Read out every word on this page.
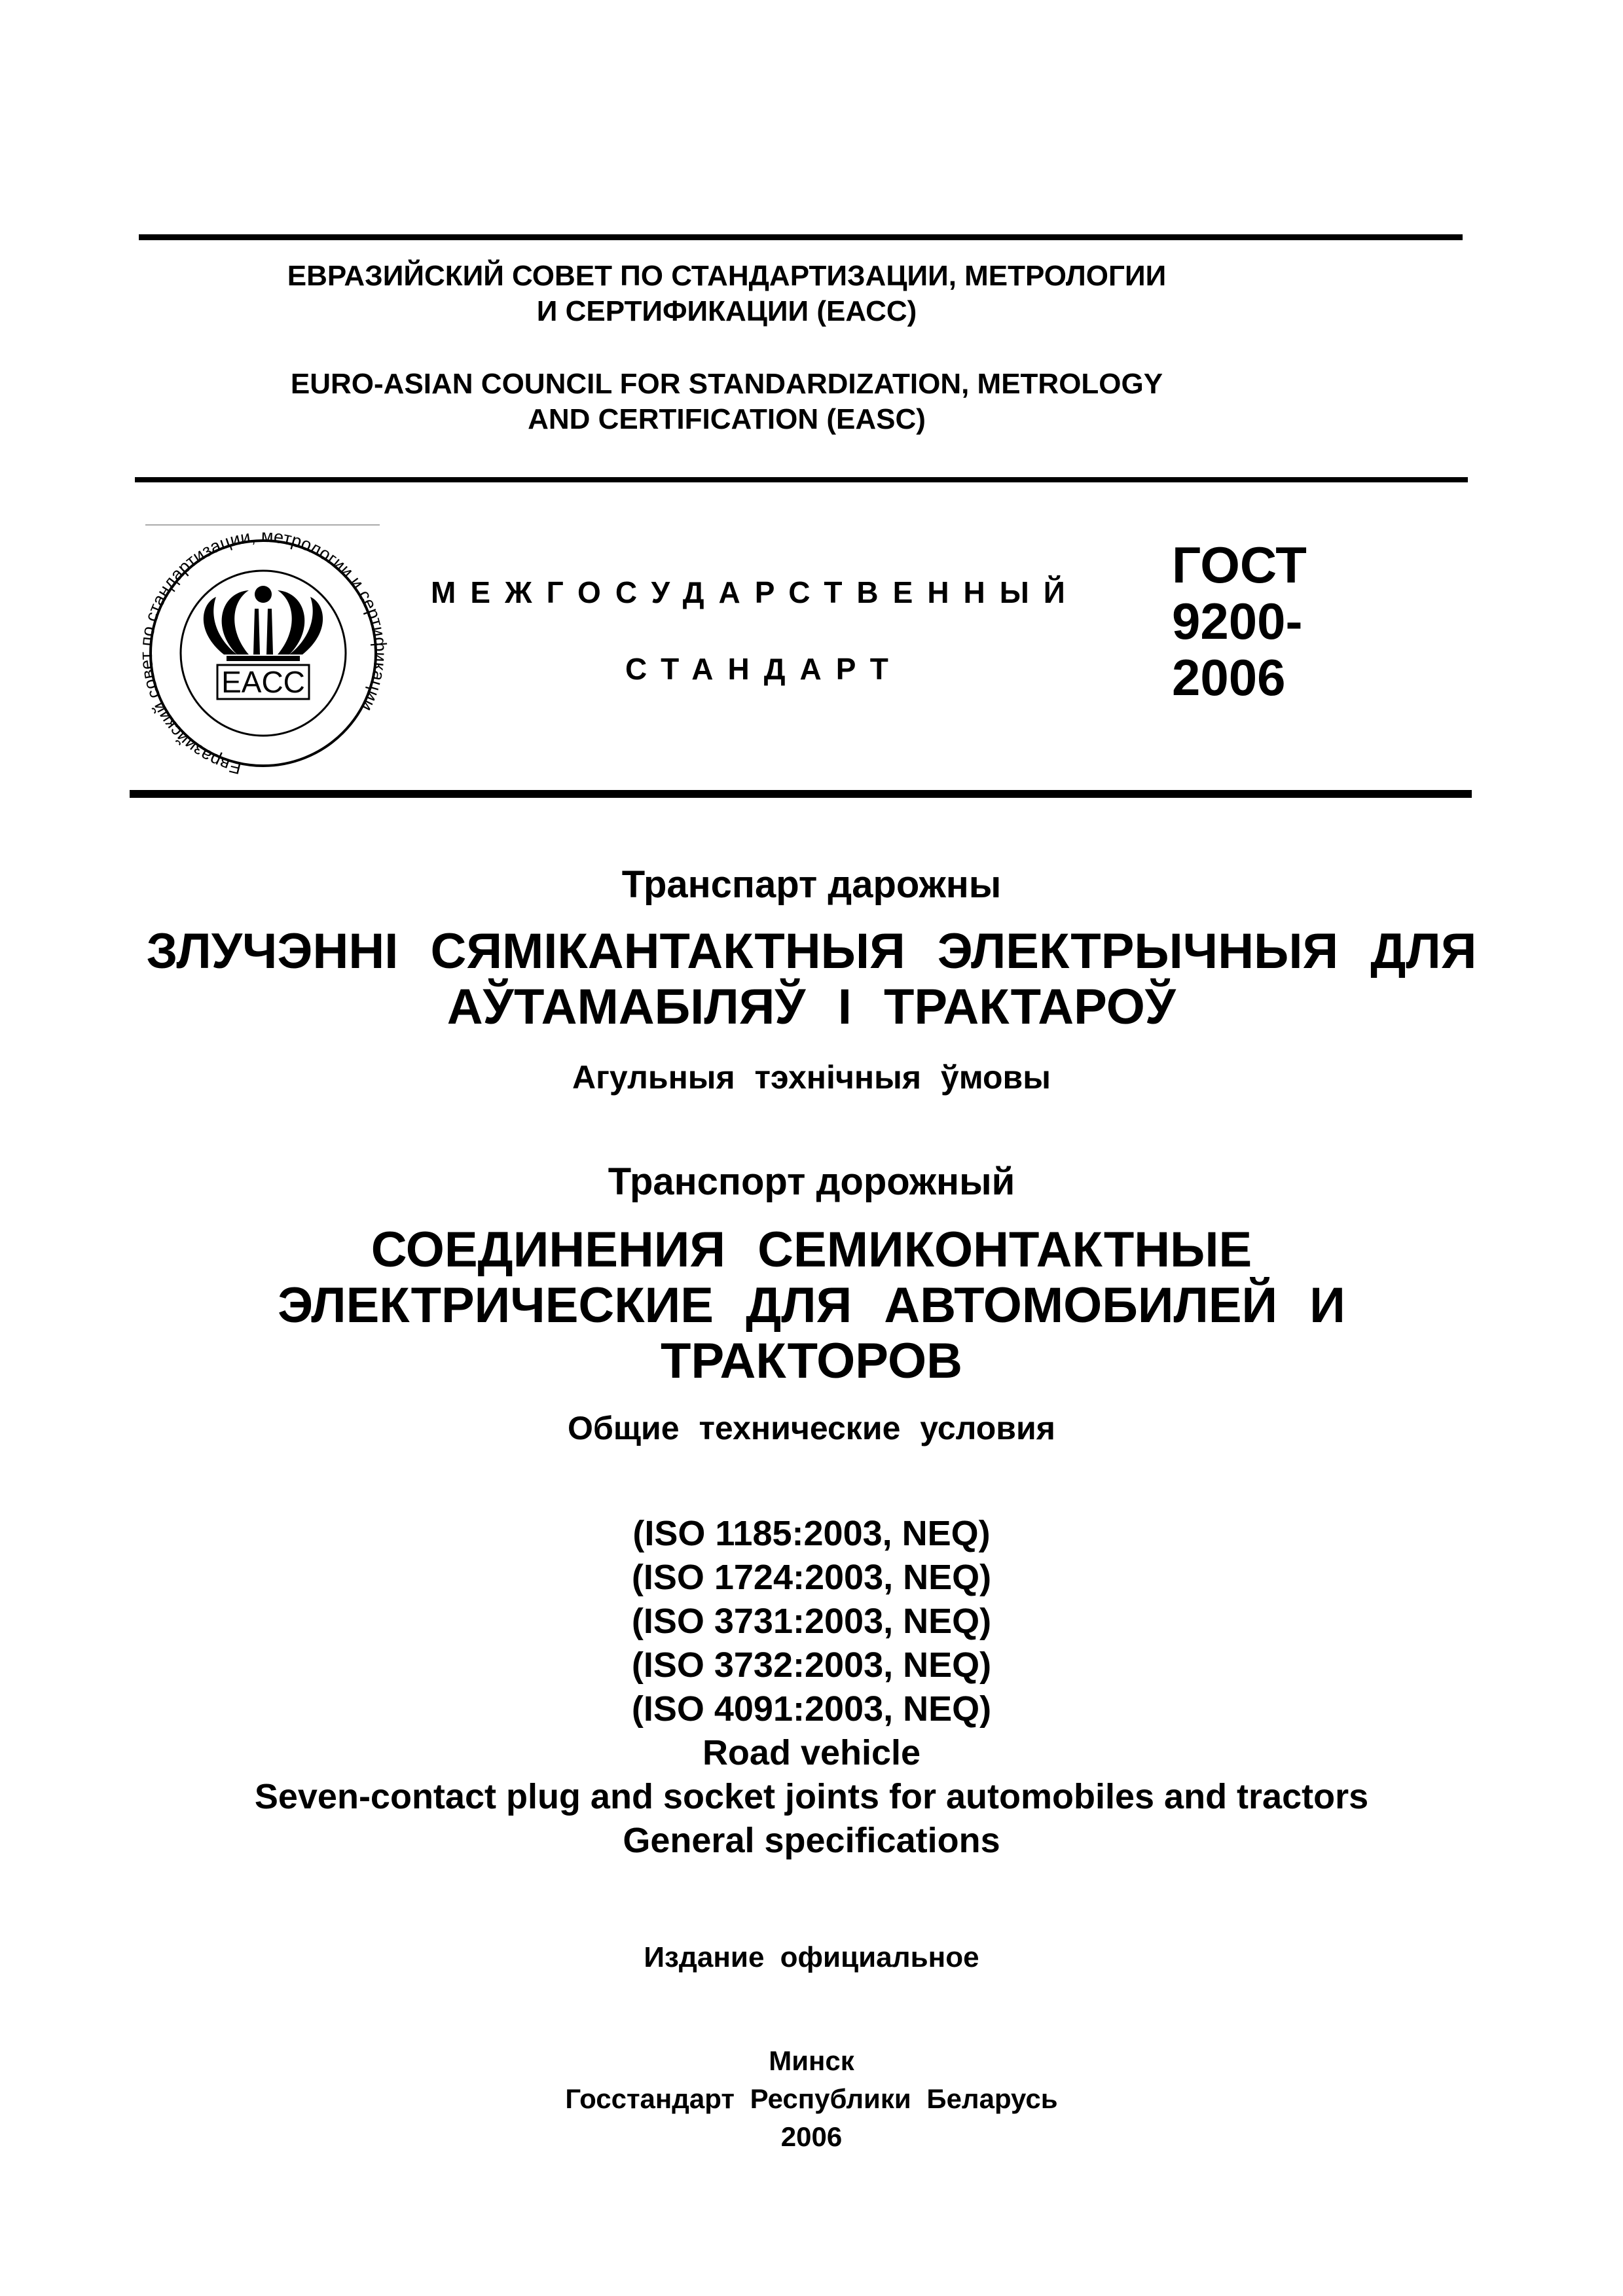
ЕВРАЗИЙСКИЙ СОВЕТ ПО СТАНДАРТИЗАЦИИ, МЕТРОЛОГИИ
И СЕРТИФИКАЦИИ (ЕАСС)
EURO-ASIAN COUNCIL FOR STANDARDIZATION, METROLOGY
AND CERTIFICATION (EASC)
Евразийский сов о стандартизации, метрологии и серти ации
EACC
МЕЖГОСУДАРСТВЕННЫЙ
СТАНДАРТ
ГОСТ
9200-
2006
Транспарт дарожны
ЗЛУЧЭННІ СЯМІКАНТАКТНЫЯ ЭЛЕКТРЫЧНЫЯ ДЛЯ
АЎТАМАБІЛЯЎ І ТРАКТАРОЎ
Агульныя тэхнічныя ўмовы
Транспорт дорожный
СОЕДИНЕНИЯ СЕМИКОНТАКТНЫЕ
ЭЛЕКТРИЧЕСКИЕ ДЛЯ АВТОМОБИЛЕЙ И
ТРАКТОРОВ
Общие технические условия
(ISO 1185:2003, NEQ)
(ISO 1724:2003, NEQ)
(ISO 3731:2003, NEQ)
(ISO 3732:2003, NEQ)
(ISO 4091:2003, NEQ)
Road vehicle
Seven-contact plug and socket joints for automobiles and tractors
General specifications
Издание официальное
Минск
Госстандарт Республики Беларусь
2006
